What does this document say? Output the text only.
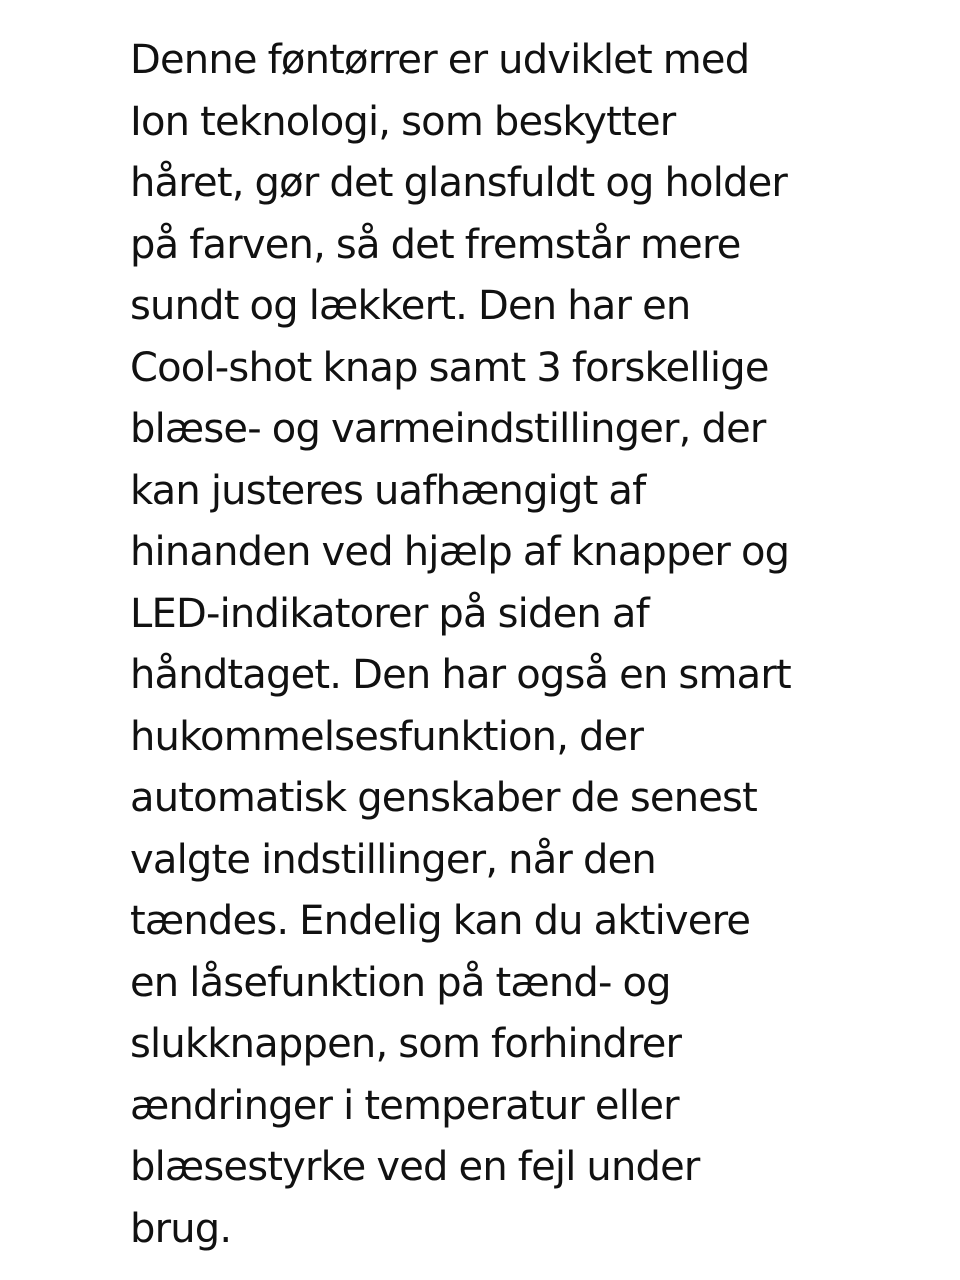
Denne føntørrer er udviklet med
Ion teknologi, som beskytter
håret, gør det glansfuldt og holder
på farven, så det fremstår mere
sundt og lækkert. Den har en
Cool-shot knap samt 3 forskellige
blæse- og varmeindstillinger, der
kan justeres uafhængigt af
hinanden ved hjælp af knapper og
LED-indikatorer på siden af
håndtaget. Den har også en smart
hukommelsesfunktion, der
automatisk genskaber de senest
valgte indstillinger, når den
tændes. Endelig kan du aktivere
en låsefunktion på tænd- og
slukknappen, som forhindrer
ændringer i temperatur eller
blæsestyrke ved en fejl under
brug.
